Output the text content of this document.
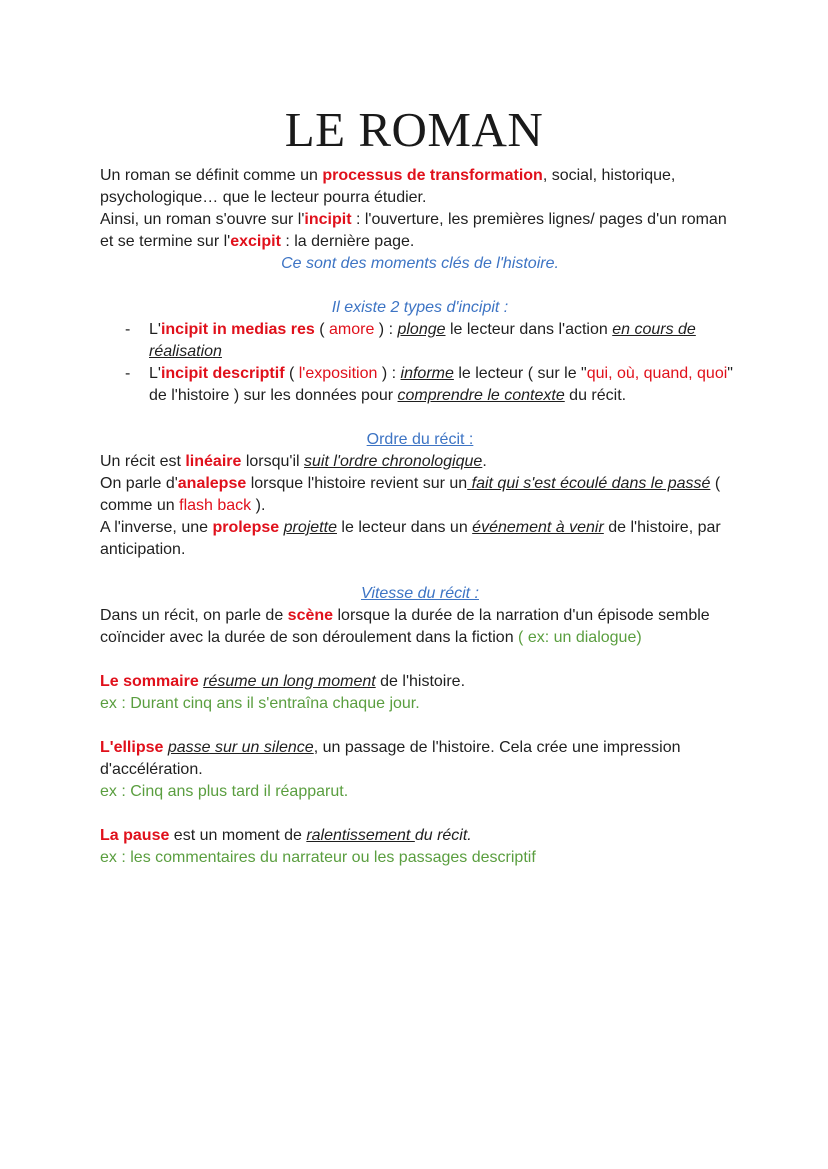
LE ROMAN

Un roman se définit comme un processus de transformation, social, historique, psychologique… que le lecteur pourra étudier.

Ainsi, un roman s'ouvre sur l'incipit : l'ouverture, les premières lignes/ pages d'un roman et se termine sur l'excipit : la dernière page.

Ce sont des moments clés de l'histoire.

Il existe 2 types d'incipit :

- L'incipit in medias res ( amore ) : plonge le lecteur dans l'action en cours de réalisation
- L'incipit descriptif ( l'exposition ) : informe le lecteur ( sur le "qui, où, quand, quoi" de l'histoire ) sur les données pour comprendre le contexte du récit.

Ordre du récit :

Un récit est linéaire lorsqu'il suit l'ordre chronologique.

On parle d'analepse lorsque l'histoire revient sur un fait qui s'est écoulé dans le passé ( comme un flash back ).

A l'inverse, une prolepse projette le lecteur dans un événement à venir de l'histoire, par anticipation.

Vitesse du récit :

Dans un récit, on parle de scène lorsque la durée de la narration d'un épisode semble coïncider avec la durée de son déroulement dans la fiction ( ex: un dialogue)

Le sommaire résume un long moment de l'histoire.

ex : Durant cinq ans il s'entraîna chaque jour.

L'ellipse passe sur un silence, un passage de l'histoire. Cela crée une impression d'accélération.

ex : Cinq ans plus tard il réapparut.

La pause est un moment de ralentissement du récit.

ex : les commentaires du narrateur ou les passages descriptif
